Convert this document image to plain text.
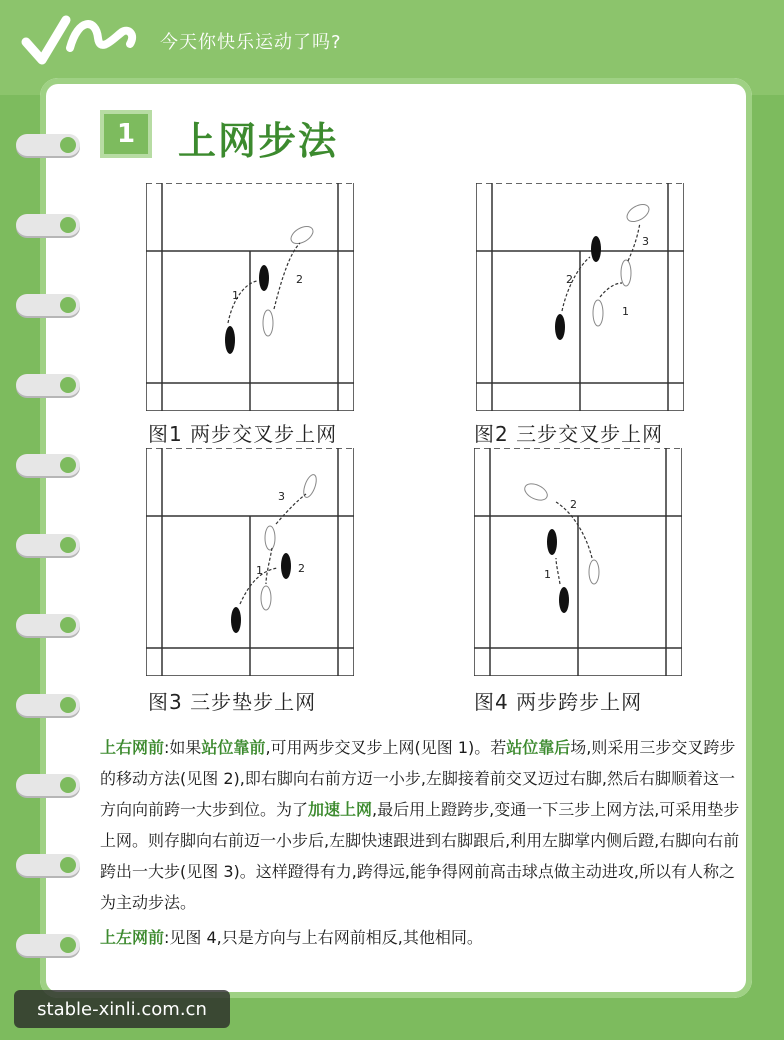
今天你快乐运动了吗?
1	上网步法
1
2
图1 两步交叉步上网
1
2
3
图2 三步交叉步上网
1	2
3
图3 三步垫步上网
1
2
图4 两步跨步上网

上右网前:如果站位靠前,可用两步交叉步上网(见图 1)。若站位靠后场,则采用三步交叉跨步的移动方法(见图 2),即右脚向右前方迈一小步,左脚接着前交叉迈过右脚,然后右脚顺着这一方向向前跨一大步到位。为了加速上网,最后用上蹬跨步,变通一下三步上网方法,可采用垫步上网。则存脚向右前迈一小步后,左脚快速跟进到右脚跟后,利用左脚掌内侧后蹬,右脚向右前跨出一大步(见图 3)。这样蹬得有力,跨得远,能争得网前高击球点做主动进攻,所以有人称之为主动步法。

上左网前:见图 4,只是方向与上右网前相反,其他相同。

stable-xinli.com.cn
